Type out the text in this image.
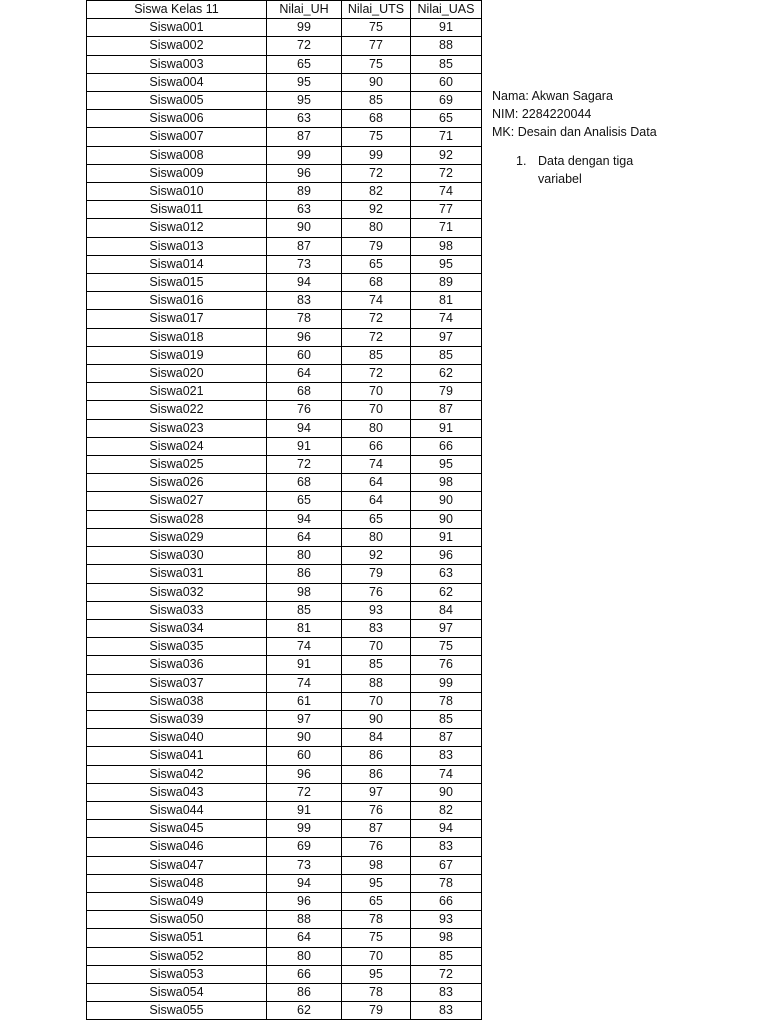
Siswa Kelas 11	Nilai_UH	Nilai_UTS	Nilai_UAS
Siswa001	99	75	91
Siswa002	72	77	88
Siswa003	65	75	85
Siswa004	95	90	60
Siswa005	95	85	69
Siswa006	63	68	65
Siswa007	87	75	71
Siswa008	99	99	92
Siswa009	96	72	72
Siswa010	89	82	74
Siswa011	63	92	77
Siswa012	90	80	71
Siswa013	87	79	98
Siswa014	73	65	95
Siswa015	94	68	89
Siswa016	83	74	81
Siswa017	78	72	74
Siswa018	96	72	97
Siswa019	60	85	85
Siswa020	64	72	62
Siswa021	68	70	79
Siswa022	76	70	87
Siswa023	94	80	91
Siswa024	91	66	66
Siswa025	72	74	95
Siswa026	68	64	98
Siswa027	65	64	90
Siswa028	94	65	90
Siswa029	64	80	91
Siswa030	80	92	96
Siswa031	86	79	63
Siswa032	98	76	62
Siswa033	85	93	84
Siswa034	81	83	97
Siswa035	74	70	75
Siswa036	91	85	76
Siswa037	74	88	99
Siswa038	61	70	78
Siswa039	97	90	85
Siswa040	90	84	87
Siswa041	60	86	83
Siswa042	96	86	74
Siswa043	72	97	90
Siswa044	91	76	82
Siswa045	99	87	94
Siswa046	69	76	83
Siswa047	73	98	67
Siswa048	94	95	78
Siswa049	96	65	66
Siswa050	88	78	93
Siswa051	64	75	98
Siswa052	80	70	85
Siswa053	66	95	72
Siswa054	86	78	83
Siswa055	62	79	83
Nama: Akwan Sagara
NIM: 2284220044
MK: Desain dan Analisis Data
1. Data dengan tiga variabel
